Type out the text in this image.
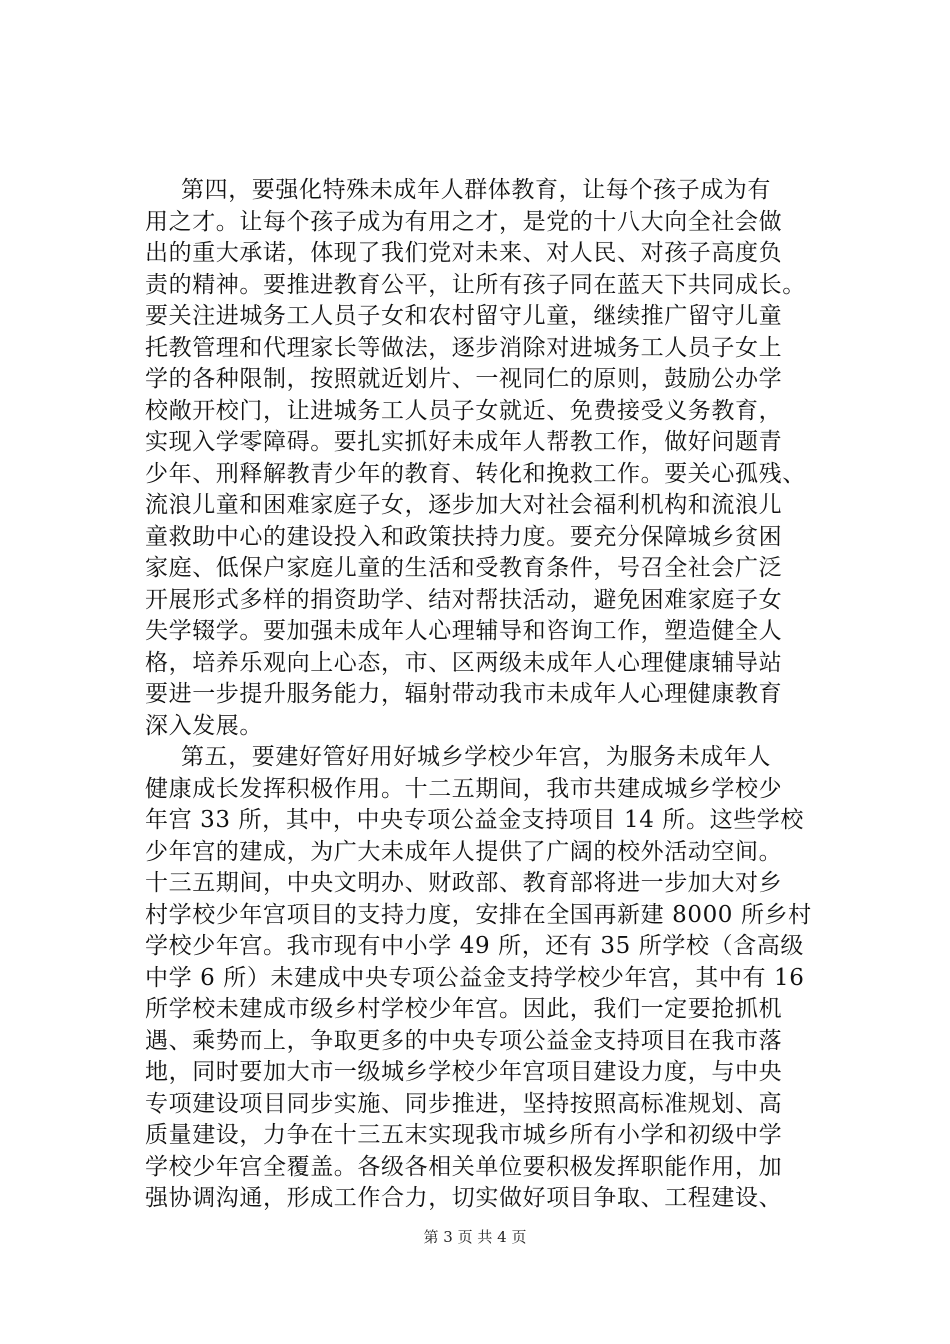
第四，要强化特殊未成年人群体教育，让每个孩子成为有
用之才。让每个孩子成为有用之才，是党的十八大向全社会做
出的重大承诺，体现了我们党对未来、对人民、对孩子高度负
责的精神。要推进教育公平，让所有孩子同在蓝天下共同成长。
要关注进城务工人员子女和农村留守儿童，继续推广留守儿童
托教管理和代理家长等做法，逐步消除对进城务工人员子女上
学的各种限制，按照就近划片、一视同仁的原则，鼓励公办学
校敞开校门，让进城务工人员子女就近、免费接受义务教育，
实现入学零障碍。要扎实抓好未成年人帮教工作，做好问题青
少年、刑释解教青少年的教育、转化和挽救工作。要关心孤残、
流浪儿童和困难家庭子女，逐步加大对社会福利机构和流浪儿
童救助中心的建设投入和政策扶持力度。要充分保障城乡贫困
家庭、低保户家庭儿童的生活和受教育条件，号召全社会广泛
开展形式多样的捐资助学、结对帮扶活动，避免困难家庭子女
失学辍学。要加强未成年人心理辅导和咨询工作，塑造健全人
格，培养乐观向上心态，市、区两级未成年人心理健康辅导站
要进一步提升服务能力，辐射带动我市未成年人心理健康教育
深入发展。
第五，要建好管好用好城乡学校少年宫，为服务未成年人
健康成长发挥积极作用。十二五期间，我市共建成城乡学校少
年宫 33 所，其中，中央专项公益金支持项目 14 所。这些学校
少年宫的建成，为广大未成年人提供了广阔的校外活动空间。
十三五期间，中央文明办、财政部、教育部将进一步加大对乡
村学校少年宫项目的支持力度，安排在全国再新建 8000 所乡村
学校少年宫。我市现有中小学 49 所，还有 35 所学校（含高级
中学 6 所）未建成中央专项公益金支持学校少年宫，其中有 16
所学校未建成市级乡村学校少年宫。因此，我们一定要抢抓机
遇、乘势而上，争取更多的中央专项公益金支持项目在我市落
地，同时要加大市一级城乡学校少年宫项目建设力度，与中央
专项建设项目同步实施、同步推进，坚持按照高标准规划、高
质量建设，力争在十三五末实现我市城乡所有小学和初级中学
学校少年宫全覆盖。各级各相关单位要积极发挥职能作用，加
强协调沟通，形成工作合力，切实做好项目争取、工程建设、
第 3 页 共 4 页
